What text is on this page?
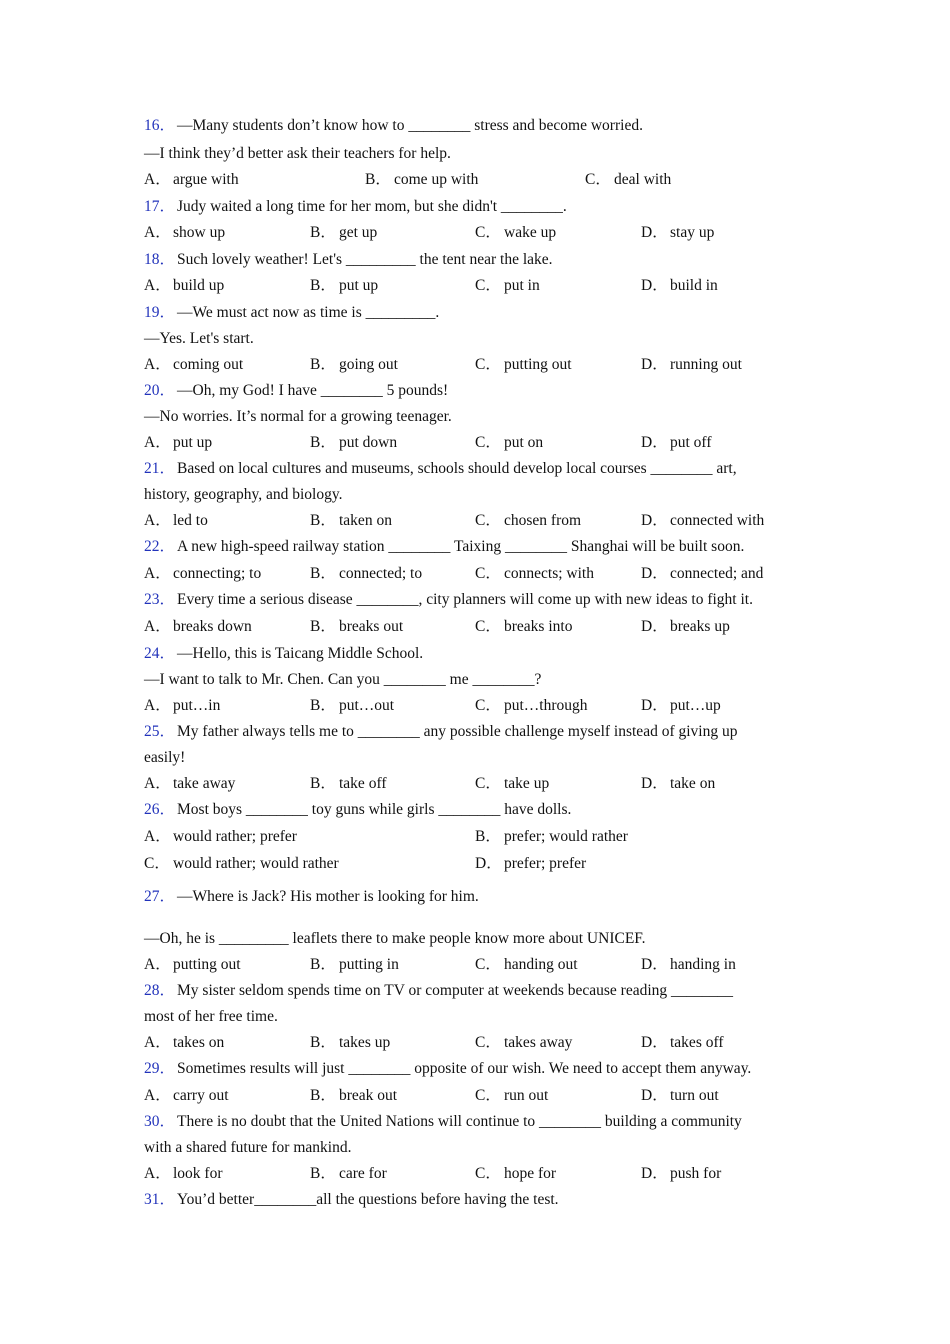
16． —Many students don’t know how to ________ stress and become worried.
—I think they’d better ask their teachers for help.
A． argue with	B． come up with	C． deal with
17． Judy waited a long time for her mom, but she didn't ________.
A． show up	B． get up	C． wake up	D． stay up
18． Such lovely weather! Let's _________ the tent near the lake.
A． build up	B． put up	C． put in	D． build in
19． —We must act now as time is _________.
—Yes. Let's start.
A． coming out	B． going out	C． putting out	D． running out
20． —Oh, my God! I have ________ 5 pounds!
—No worries. It’s normal for a growing teenager.
A． put up	B． put down	C． put on	D． put off
21． Based on local cultures and museums, schools should develop local courses ________ art,
history, geography, and biology.
A． led to	B． taken on	C． chosen from	D． connected with
22． A new high-speed railway station ________ Taixing ________ Shanghai will be built soon.
A． connecting; to	B． connected; to	C． connects; with	D． connected; and
23． Every time a serious disease ________, city planners will come up with new ideas to fight it.
A． breaks down	B． breaks out	C． breaks into	D． breaks up
24． —Hello, this is Taicang Middle School.
—I want to talk to Mr. Chen. Can you ________ me ________?
A． put…in	B． put…out	C． put…through	D． put…up
25． My father always tells me to ________ any possible challenge myself instead of giving up
easily!
A． take away	B． take off	C． take up	D． take on
26． Most boys ________ toy guns while girls ________ have dolls.
A． would rather; prefer	B． prefer; would rather
C． would rather; would rather	D． prefer; prefer
27． —Where is Jack? His mother is looking for him.
—Oh, he is _________ leaflets there to make people know more about UNICEF.
A． putting out	B． putting in	C． handing out	D． handing in
28． My sister seldom spends time on TV or computer at weekends because reading ________
most of her free time.
A． takes on	B． takes up	C． takes away	D． takes off
29． Sometimes results will just ________ opposite of our wish. We need to accept them anyway.
A． carry out	B． break out	C． run out	D． turn out
30． There is no doubt that the United Nations will continue to ________ building a community
with a shared future for mankind.
A． look for	B． care for	C． hope for	D． push for
31． You’d better________all the questions before having the test.
